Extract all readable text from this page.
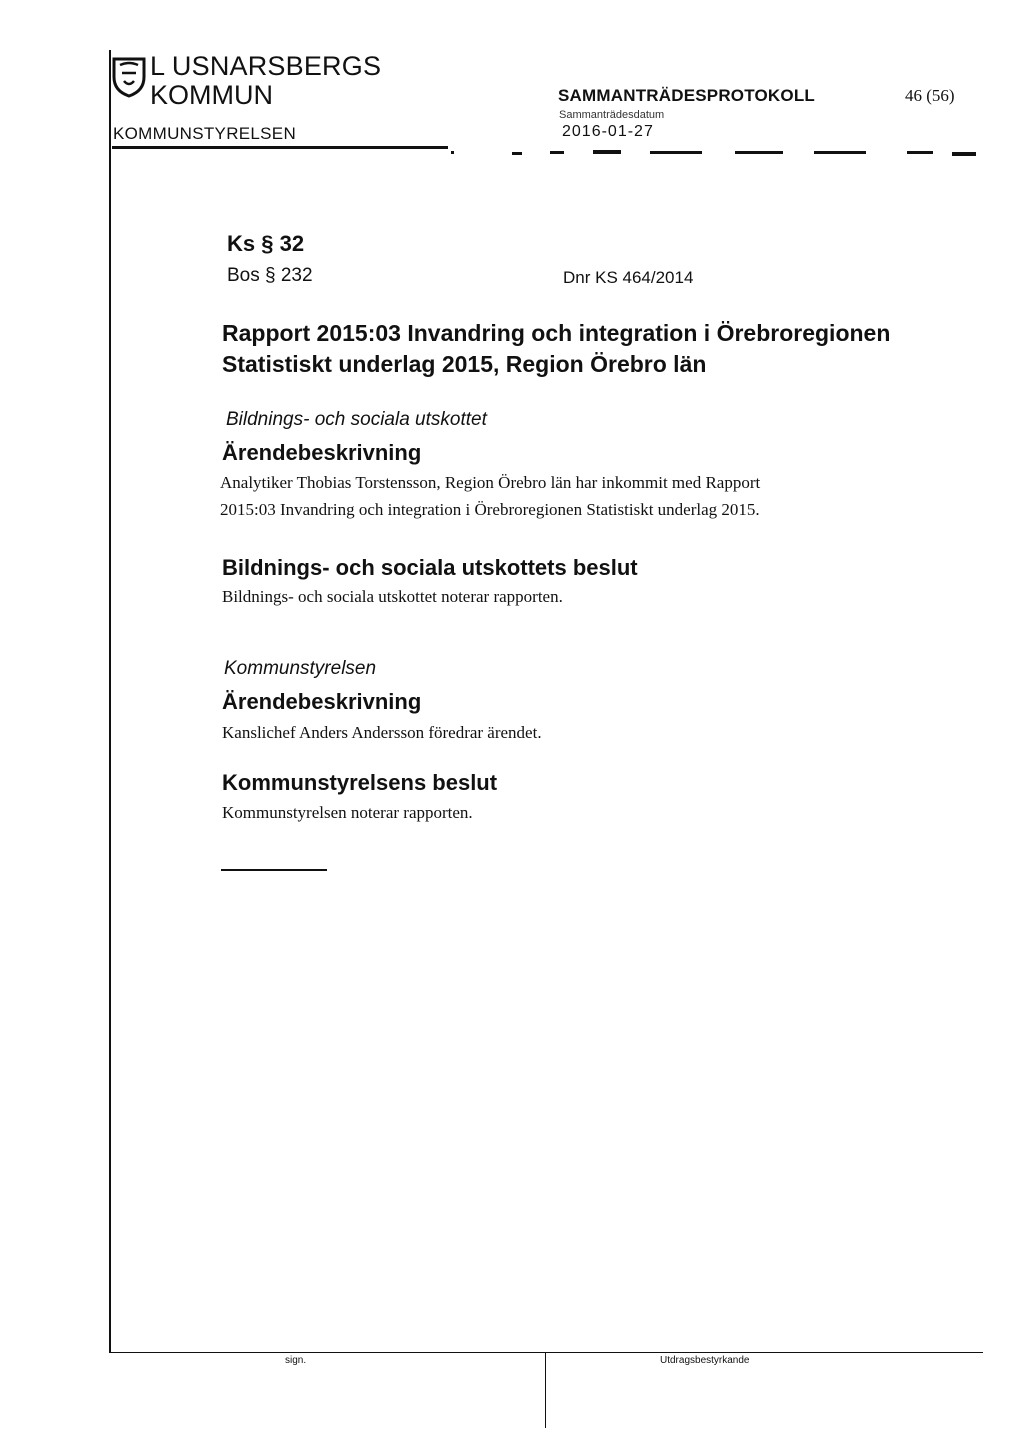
L USNARSBERGS
KOMMUN
KOMMUNSTYRELSEN
SAMMANTRÄDESPROTOKOLL
Sammanträdesdatum
2016-01-27
46 (56)
Ks § 32
Bos § 232	Dnr KS 464/2014
Rapport 2015:03 Invandring och integration i Örebroregionen
Statistiskt underlag 2015, Region Örebro län
Bildnings- och sociala utskottet
Ärendebeskrivning
Analytiker Thobias Torstensson, Region Örebro län har inkommit med Rapport
2015:03 Invandring och integration i Örebroregionen Statistiskt underlag 2015.
Bildnings- och sociala utskottets beslut
Bildnings- och sociala utskottet noterar rapporten.
Kommunstyrelsen
Ärendebeskrivning
Kanslichef Anders Andersson föredrar ärendet.
Kommunstyrelsens beslut
Kommunstyrelsen noterar rapporten.
sign.	Utdragsbestyrkande
